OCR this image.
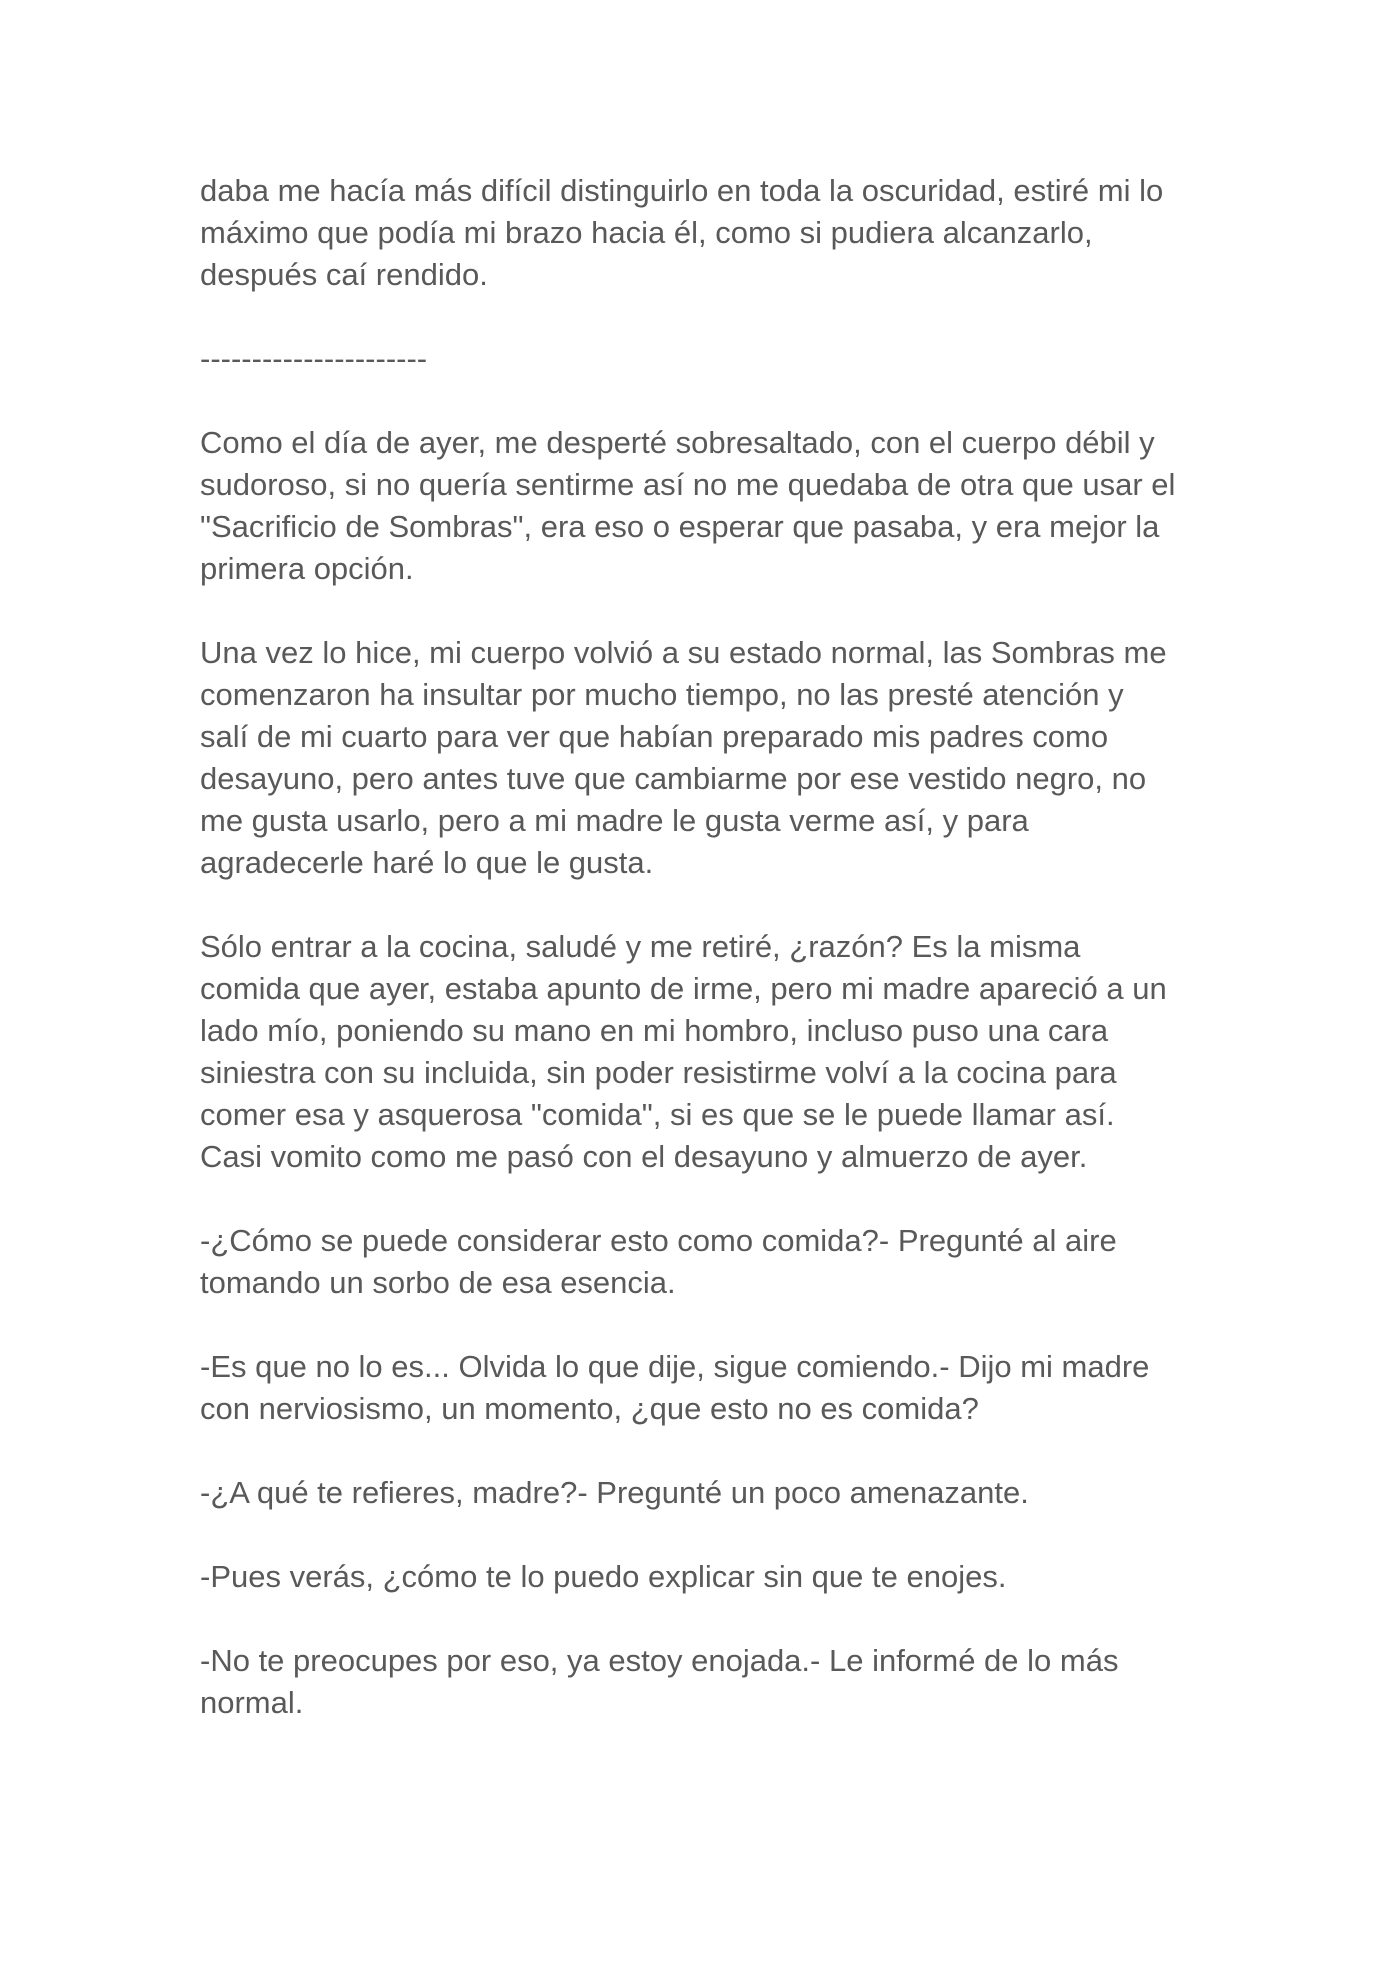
daba me hacía más difícil distinguirlo en toda la oscuridad, estiré mi lo
máximo que podía mi brazo hacia él, como si pudiera alcanzarlo,
después caí rendido.

----------------------

Como el día de ayer, me desperté sobresaltado, con el cuerpo débil y
sudoroso, si no quería sentirme así no me quedaba de otra que usar el
"Sacrificio de Sombras", era eso o esperar que pasaba, y era mejor la
primera opción.

Una vez lo hice, mi cuerpo volvió a su estado normal, las Sombras me
comenzaron ha insultar por mucho tiempo, no las presté atención y
salí de mi cuarto para ver que habían preparado mis padres como
desayuno, pero antes tuve que cambiarme por ese vestido negro, no
me gusta usarlo, pero a mi madre le gusta verme así, y para
agradecerle haré lo que le gusta.

Sólo entrar a la cocina, saludé y me retiré, ¿razón? Es la misma
comida que ayer, estaba apunto de irme, pero mi madre apareció a un
lado mío, poniendo su mano en mi hombro, incluso puso una cara
siniestra con su incluida, sin poder resistirme volví a la cocina para
comer esa y asquerosa "comida", si es que se le puede llamar así.
Casi vomito como me pasó con el desayuno y almuerzo de ayer.

-¿Cómo se puede considerar esto como comida?- Pregunté al aire
tomando un sorbo de esa esencia.

-Es que no lo es... Olvida lo que dije, sigue comiendo.- Dijo mi madre
con nerviosismo, un momento, ¿que esto no es comida?

-¿A qué te refieres, madre?- Pregunté un poco amenazante.

-Pues verás, ¿cómo te lo puedo explicar sin que te enojes.

-No te preocupes por eso, ya estoy enojada.- Le informé de lo más
normal.
